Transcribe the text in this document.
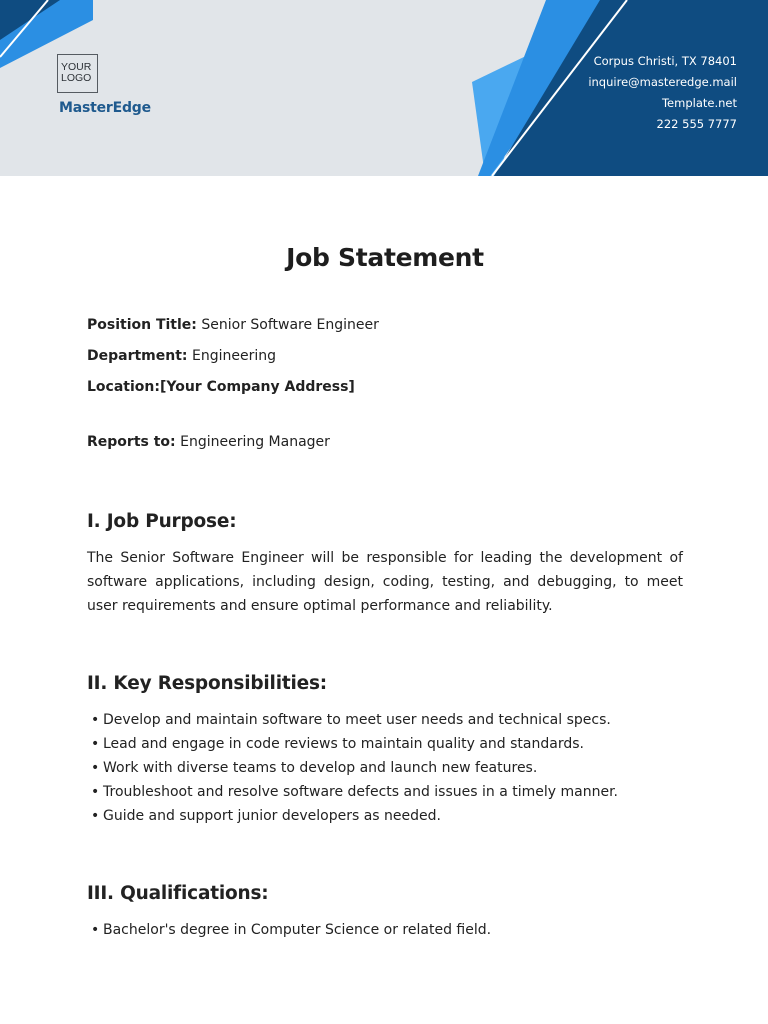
YOUR
LOGO
MasterEdge
Corpus Christi, TX 78401
inquire@masteredge.mail
Template.net
222 555 7777
Job Statement
Position Title: Senior Software Engineer
Department: Engineering
Location:[Your Company Address]
Reports to: Engineering Manager
I. Job Purpose:

The Senior Software Engineer will be responsible for leading the development of software applications, including design, coding, testing, and debugging, to meet user requirements and ensure optimal performance and reliability.

II. Key Responsibilities:
• Develop and maintain software to meet user needs and technical specs.
• Lead and engage in code reviews to maintain quality and standards.
• Work with diverse teams to develop and launch new features.
• Troubleshoot and resolve software defects and issues in a timely manner.
• Guide and support junior developers as needed.
III. Qualifications:
• Bachelor's degree in Computer Science or related field.
